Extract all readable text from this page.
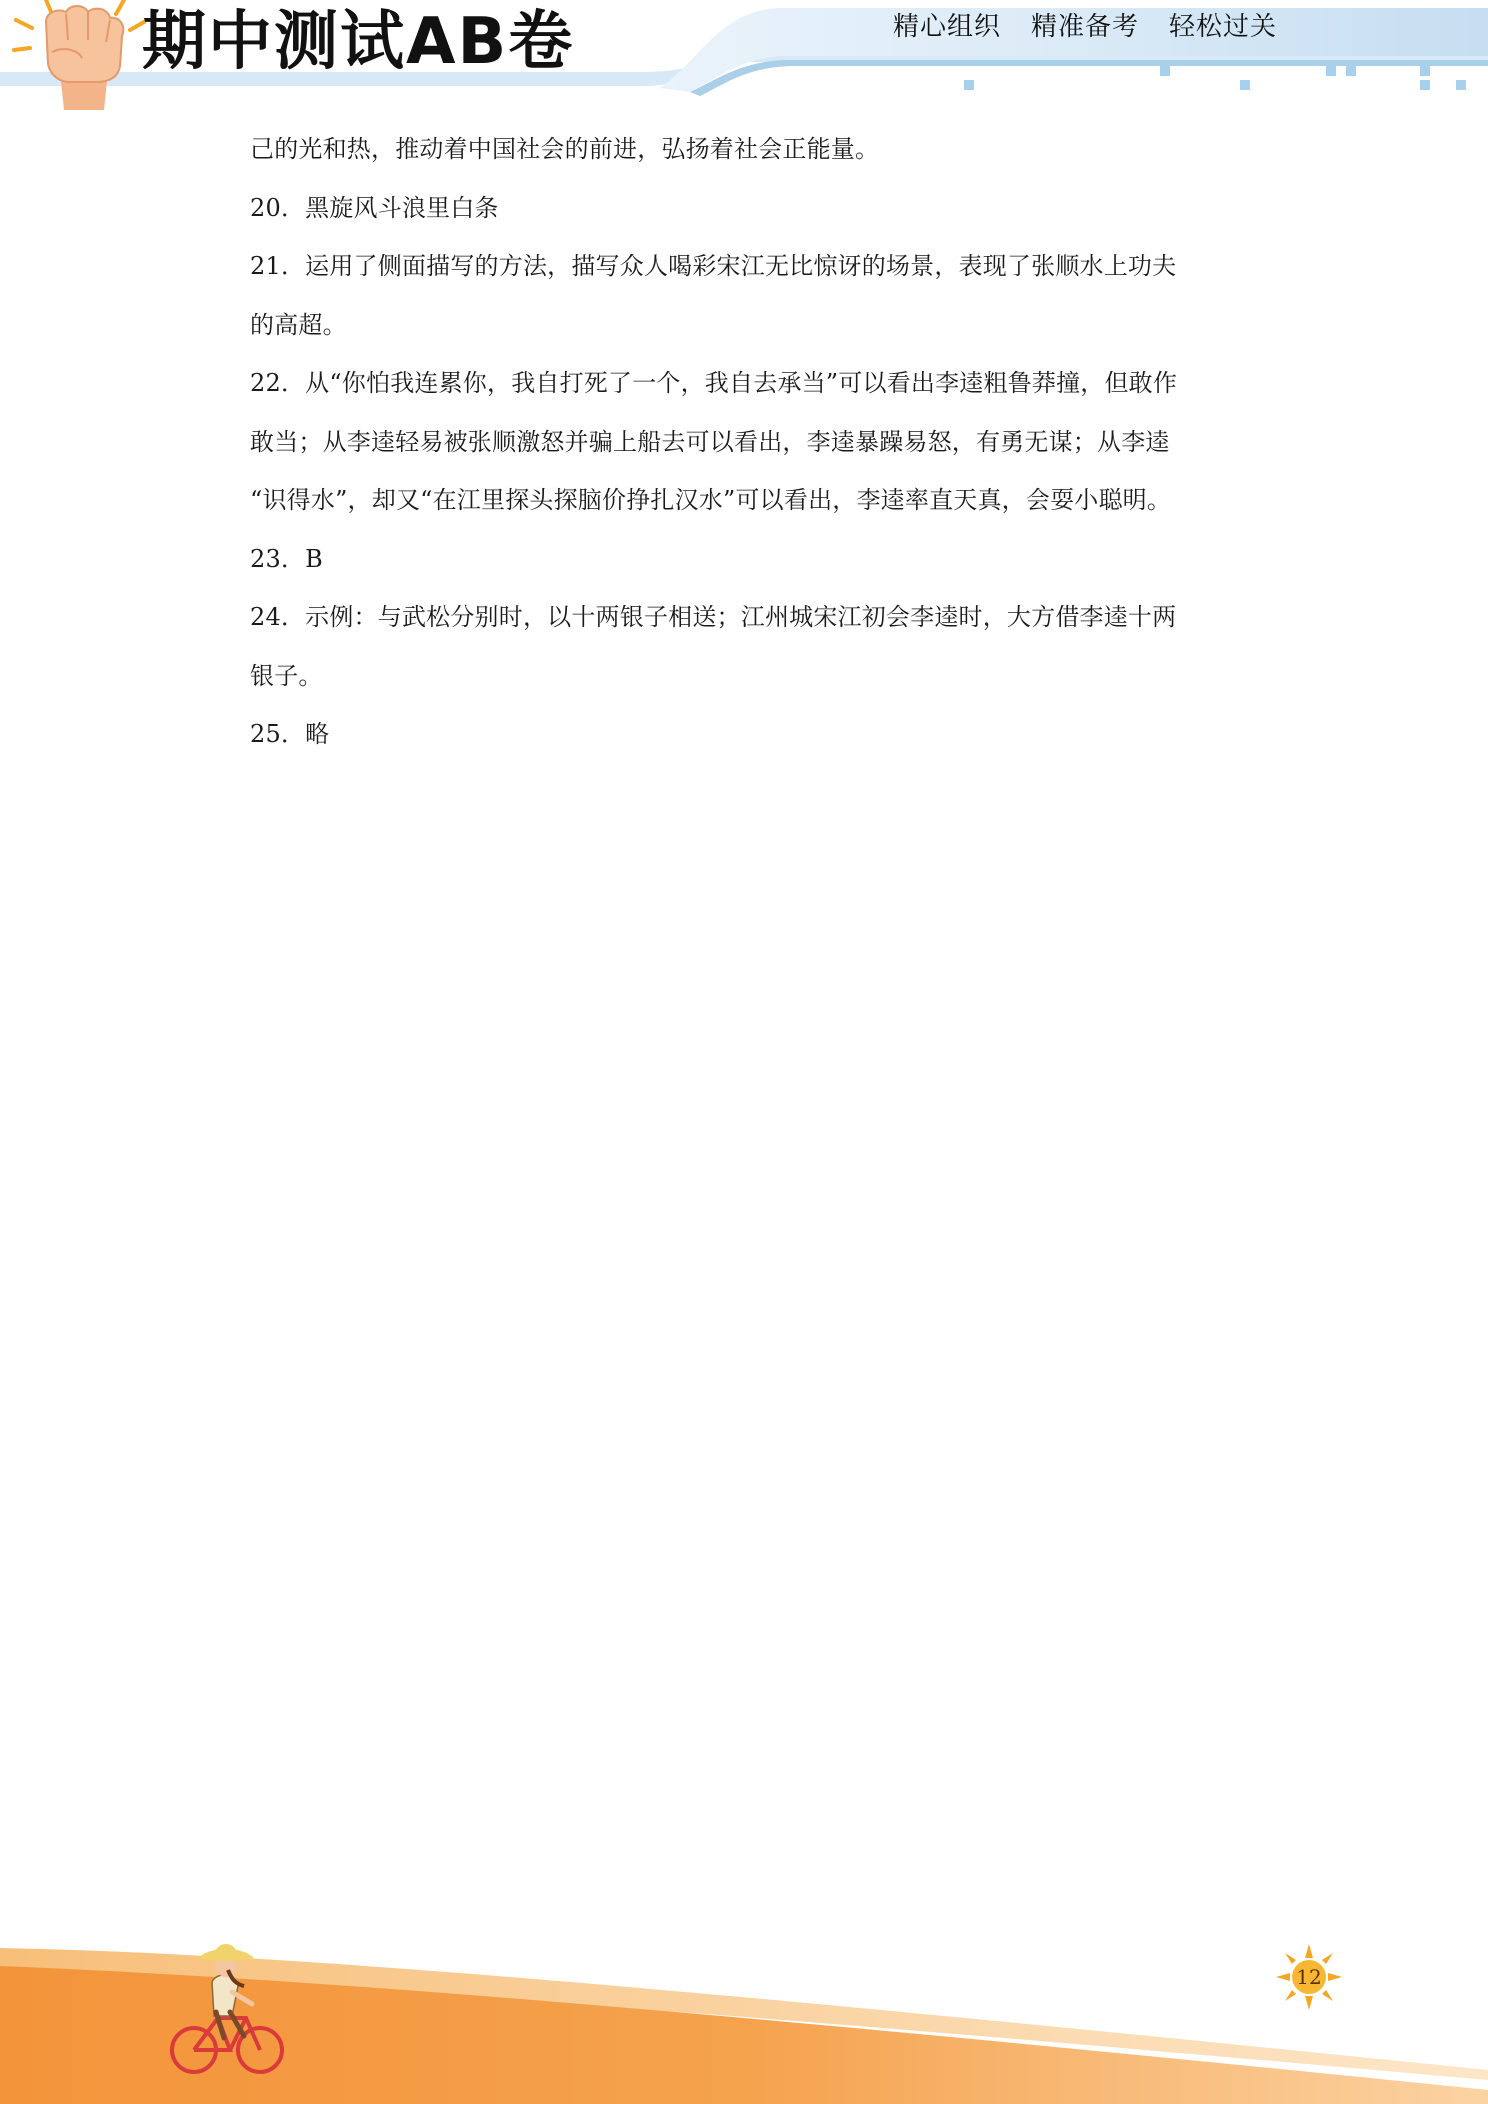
期中测试AB卷	精心组织 精准备考 轻松过关
己的光和热，推动着中国社会的前进，弘扬着社会正能量。
20．黑旋风斗浪里白条
21．运用了侧面描写的方法，描写众人喝彩宋江无比惊讶的场景，表现了张顺水上功夫
的高超。
22．从“你怕我连累你，我自打死了一个，我自去承当”可以看出李逵粗鲁莽撞，但敢作
敢当；从李逵轻易被张顺激怒并骗上船去可以看出，李逵暴躁易怒，有勇无谋；从李逵
“识得水”，却又“在江里探头探脑价挣扎汉水”可以看出，李逵率直天真，会耍小聪明。
23．B
24．示例：与武松分别时，以十两银子相送；江州城宋江初会李逵时，大方借李逵十两
银子。
25．略
12
